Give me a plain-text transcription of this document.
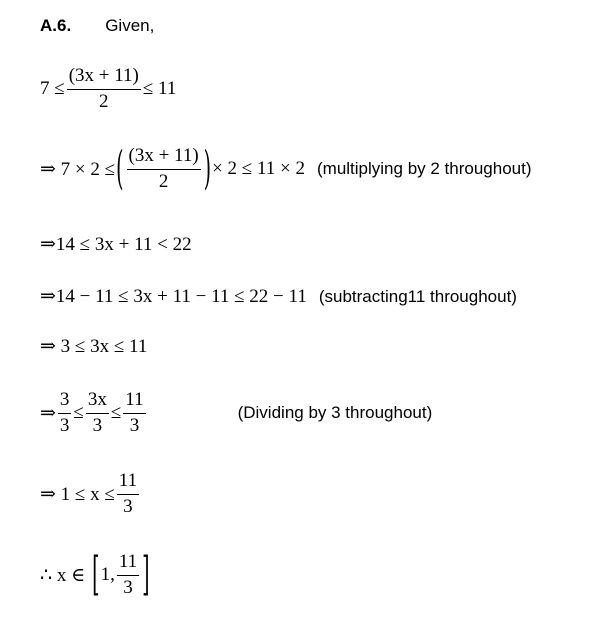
A.6. Given,
$7 \le \frac{(3x + 11)}{2} \le 11$
⇒ 7 × 2 ≤ ( $\frac{(3x + 11)}{2}$ ) × 2 ≤ 11 × 2 (multiplying by 2 throughout)
⇒14 ≤ 3x + 11 < 22
⇒14 − 11 ≤ 3x + 11 − 11 ≤ 22 − 11 (subtracting11 throughout)
⇒ 3 ≤ 3x ≤ 11
⇒ $\frac{3}{3} \le \frac{3x}{3} \le \frac{11}{3}$	(Dividing by 3 throughout)
⇒ $1 \le x \le \frac{11}{3}$
∴ x ∈ [ 1, $\frac{11}{3}$ ]
